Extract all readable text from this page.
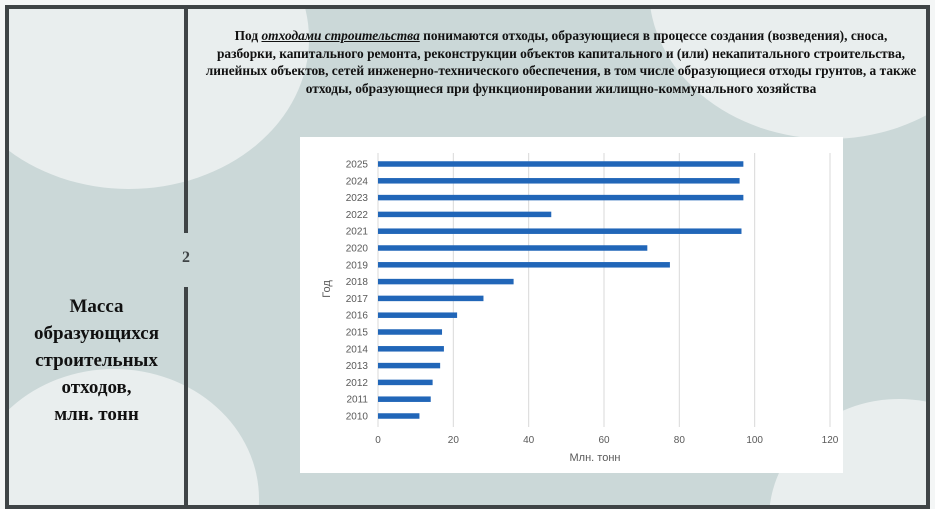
2
Масса
образующихся
строительных
отходов,
млн. тонн
Под отходами строительства понимаются отходы, образующиеся в процессе создания (возведения), сноса, разборки, капитального ремонта, реконструкции объектов капитального и (или) некапитального строительства, линейных объектов, сетей инженерно-технического обеспечения, в том числе образующиеся отходы грунтов, а также отходы, образующиеся при функционировании жилищно-коммунального хозяйства
0	20	40	60	80	100	120
2025
2024
2023
2022
2021
2020
2019
2018
2017
2016
2015
2014
2013
2012
2011
2010
Млн. тонн
Год
